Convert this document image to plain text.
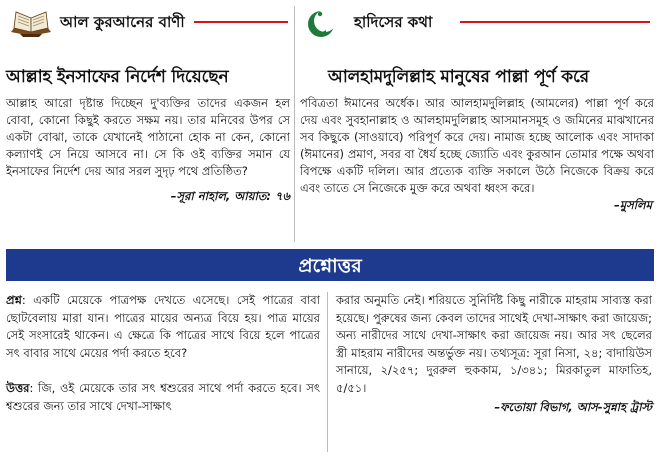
আল কুরআনের বাণী
আল্লাহ ইনসাফের নির্দেশ দিয়েছেন
আল্লাহ আরো দৃষ্টান্ত দিচ্ছেন দু'ব্যক্তির তাদের একজন হল বোবা, কোনো কিছুই করতে সক্ষম নয়। তার মনিবের উপর সে একটা বোঝা, তাকে যেখানেই পাঠানো হোক না কেন, কোনো কল্যাণই সে নিয়ে আসবে না। সে কি ওই ব্যক্তির সমান যে ইনসাফের নির্দেশ দেয় আর সরল সুদৃঢ় পথে প্রতিষ্ঠিত?
–সূরা নাহাল, আয়াত: ৭৬
হাদিসের কথা
আলহামদুলিল্লাহ মানুষের পাল্লা পূর্ণ করে
পবিত্রতা ঈমানের অর্ধেক। আর আলহামদুলিল্লাহ (আমলের) পাল্লা পূর্ণ করে দেয় এবং সুবহানাল্লাহ ও আলহামদুলিল্লাহ আসমানসমূহ ও জমিনের মাঝখানের সব কিছুকে (সাওয়াবে) পরিপূর্ণ করে দেয়। নামাজ হচ্ছে আলোক এবং সাদাকা (ঈমানের) প্রমাণ, সবর বা ধৈর্য হচ্ছে জ্যোতি এবং কুরআন তোমার পক্ষে অথবা বিপক্ষে একটি দলিল। আর প্রত্যেক ব্যক্তি সকালে উঠে নিজেকে বিক্রয় করে এবং তাতে সে নিজেকে মুক্ত করে অথবা ধ্বংস করে।
–মুসলিম
প্রশ্নোত্তর
প্রশ্ন: একটি মেয়েকে পাত্রপক্ষ দেখতে এসেছে। সেই পাত্রের বাবা ছোটবেলায় মারা যান। পাত্রের মায়ের অন্যত্র বিয়ে হয়। পাত্র মায়ের সেই সংসারেই থাকেন। এ ক্ষেত্রে কি পাত্রের সাথে বিয়ে হলে পাত্রের সৎ বাবার সাথে মেয়ের পর্দা করতে হবে?
উত্তর: জি, ওই মেয়েকে তার সৎ শ্বশুরের সাথে পর্দা করতে হবে। সৎ শ্বশুরের জন্য তার সাথে দেখা-সাক্ষাৎ
করার অনুমতি নেই। শরিয়তে সুনির্দিষ্ট কিছু নারীকে মাহরাম সাব্যস্ত করা হয়েছে। পুরুষের জন্য কেবল তাদের সাথেই দেখা-সাক্ষাৎ করা জায়েজ; অন্য নারীদের সাথে দেখা-সাক্ষাৎ করা জায়েজ নয়। আর সৎ ছেলের স্ত্রী মাহরাম নারীদের অন্তর্ভুক্ত নয়। তথ্যসূত্র: সূরা নিসা, ২৪; বাদায়িউস সানায়ে, ২/২৫৭; দুররুল হুককাম, ১/৩৪১; মিরকাতুল মাফাতিহ, ৫/৫১।
–ফতোয়া বিভাগ, আস-সুন্নাহ ট্রাস্ট
